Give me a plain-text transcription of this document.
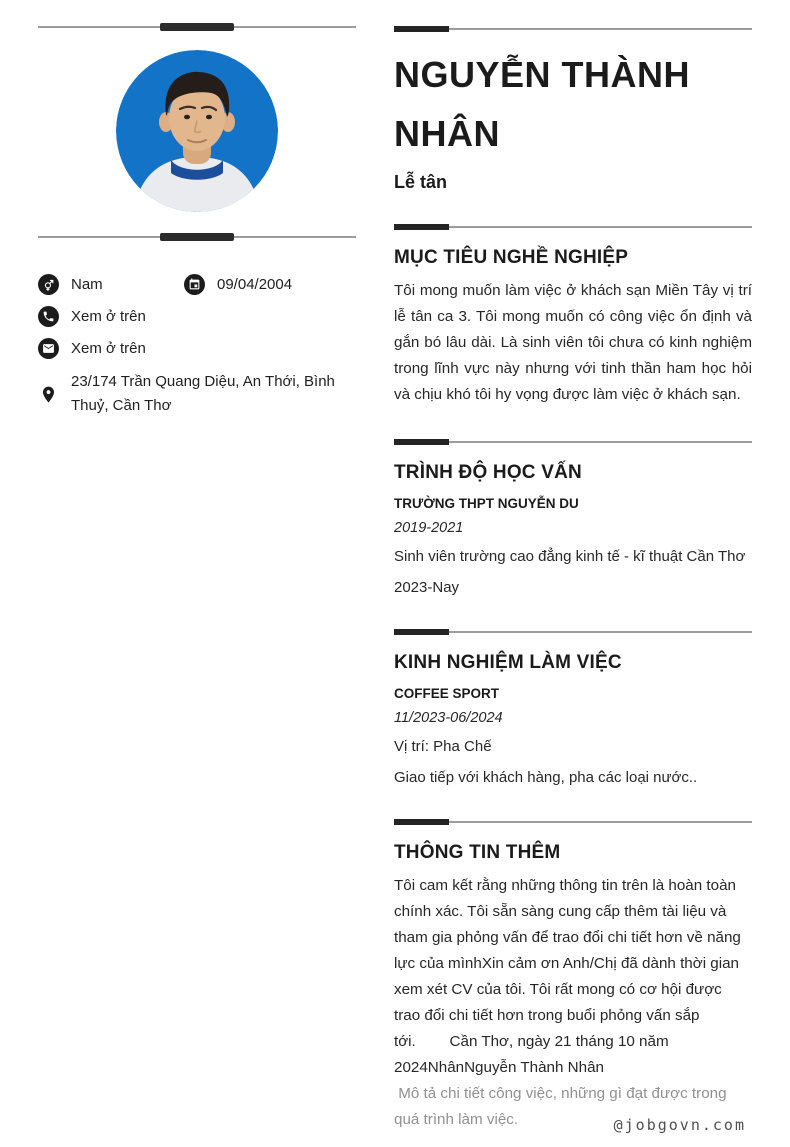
Nam	09/04/2004
Xem ở trên
Xem ở trên
23/174 Trần Quang Diệu, An Thới, Bình Thuỷ, Cần Thơ
NGUYỄN THÀNH NHÂN
Lễ tân
MỤC TIÊU NGHỀ NGHIỆP

Tôi mong muốn làm việc ở khách sạn Miền Tây vị trí lễ tân ca 3. Tôi mong muốn có công việc ổn định và gắn bó lâu dài. Là sinh viên tôi chưa có kinh nghiệm trong lĩnh vực này nhưng với tinh thần ham học hỏi và chịu khó tôi hy vọng được làm việc ở khách sạn.

TRÌNH ĐỘ HỌC VẤN
TRƯỜNG THPT NGUYỄN DU
2019-2021
Sinh viên trường cao đẳng kinh tế - kĩ thuật Cần Thơ
2023-Nay
KINH NGHIỆM LÀM VIỆC
COFFEE SPORT
11/2023-06/2024
Vị trí: Pha Chế
Giao tiếp với khách hàng, pha các loại nước..
THÔNG TIN THÊM

Tôi cam kết rằng những thông tin trên là hoàn toàn chính xác. Tôi sẵn sàng cung cấp thêm tài liệu và tham gia phỏng vấn để trao đổi chi tiết hơn về năng lực của mìnhXin cảm ơn Anh/Chị đã dành thời gian xem xét CV của tôi. Tôi rất mong có cơ hội được trao đổi chi tiết hơn trong buổi phỏng vấn sắp tới.        Cần Thơ, ngày 21 tháng 10 năm 2024NhânNguyễn Thành Nhân

Mô tả chi tiết công việc, những gì đạt được trong quá trình làm việc.	@jobgovn.com
